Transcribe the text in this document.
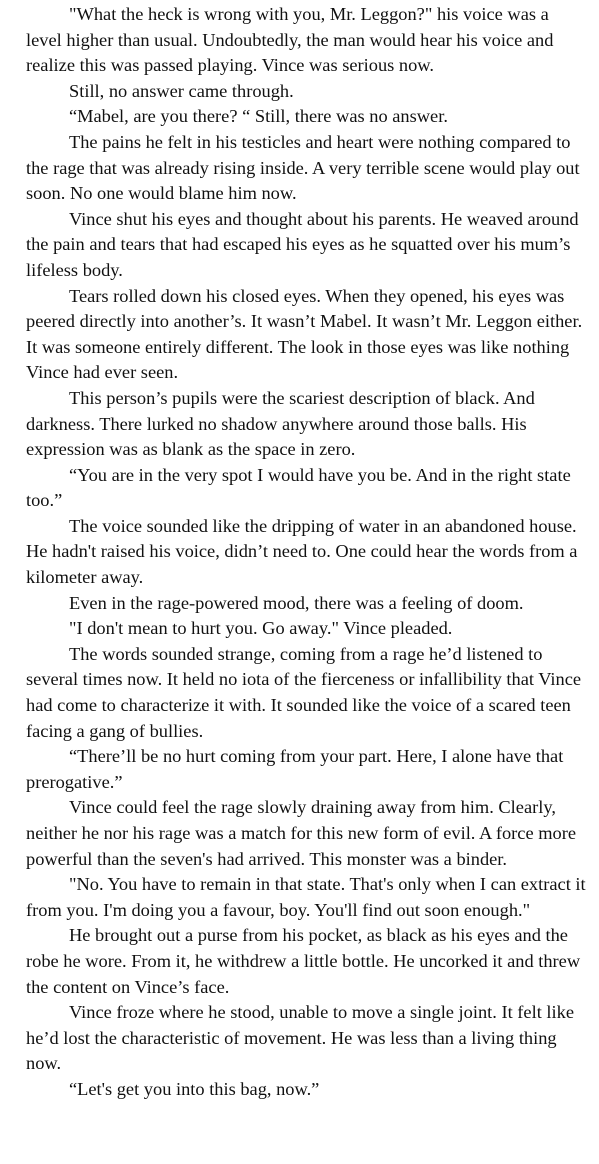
"What the heck is wrong with you, Mr. Leggon?" his voice was a level higher than usual. Undoubtedly, the man would hear his voice and realize this was passed playing. Vince was serious now.

Still, no answer came through.

“Mabel, are you there? “ Still, there was no answer.

The pains he felt in his testicles and heart were nothing compared to the rage that was already rising inside. A very terrible scene would play out soon. No one would blame him now.

Vince shut his eyes and thought about his parents. He weaved around the pain and tears that had escaped his eyes as he squatted over his mum’s lifeless body.

Tears rolled down his closed eyes. When they opened, his eyes was peered directly into another’s. It wasn’t Mabel. It wasn’t Mr. Leggon either. It was someone entirely different. The look in those eyes was like nothing Vince had ever seen.

This person’s pupils were the scariest description of black. And darkness. There lurked no shadow anywhere around those balls. His expression was as blank as the space in zero.

“You are in the very spot I would have you be. And in the right state too.”

The voice sounded like the dripping of water in an abandoned house. He hadn't raised his voice, didn’t need to. One could hear the words from a kilometer away.

Even in the rage-powered mood, there was a feeling of doom.

"I don't mean to hurt you. Go away." Vince pleaded.

The words sounded strange, coming from a rage he’d listened to several times now. It held no iota of the fierceness or infallibility that Vince had come to characterize it with. It sounded like the voice of a scared teen facing a gang of bullies.

“There’ll be no hurt coming from your part. Here, I alone have that prerogative.”

Vince could feel the rage slowly draining away from him. Clearly, neither he nor his rage was a match for this new form of evil. A force more powerful than the seven's had arrived. This monster was a binder.

"No. You have to remain in that state. That's only when I can extract it from you. I'm doing you a favour, boy. You'll find out soon enough."

He brought out a purse from his pocket, as black as his eyes and the robe he wore. From it, he withdrew a little bottle. He uncorked it and threw the content on Vince’s face.

Vince froze where he stood, unable to move a single joint. It felt like he’d lost the characteristic of movement. He was less than a living thing now.

“Let's get you into this bag, now.”
